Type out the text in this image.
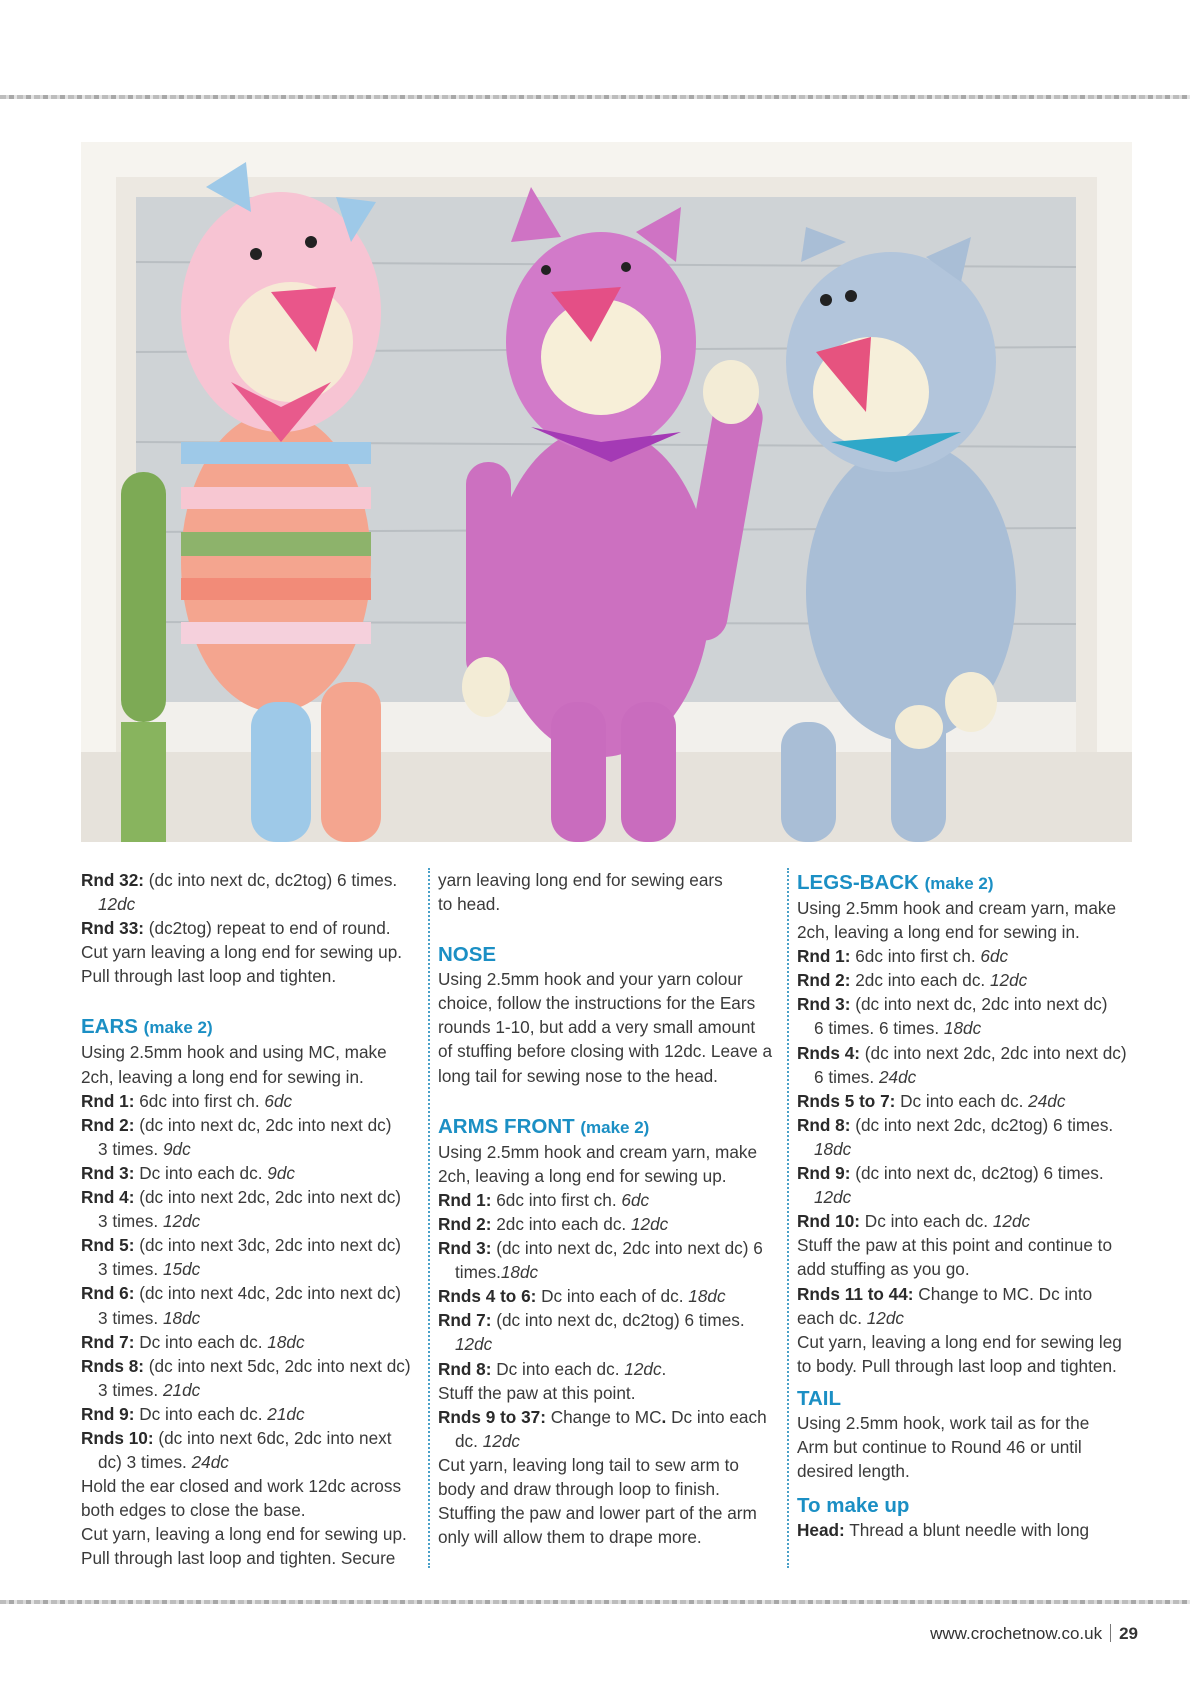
Rnd 32: (dc into next dc, dc2tog) 6 times.
12dc
Rnd 33: (dc2tog) repeat to end of round.
Cut yarn leaving a long end for sewing up.
Pull through last loop and tighten.
EARS (make 2)
Using 2.5mm hook and using MC, make
2ch, leaving a long end for sewing in.
Rnd 1: 6dc into first ch. 6dc
Rnd 2: (dc into next dc, 2dc into next dc)
3 times. 9dc
Rnd 3: Dc into each dc. 9dc
Rnd 4: (dc into next 2dc, 2dc into next dc)
3 times. 12dc
Rnd 5: (dc into next 3dc, 2dc into next dc)
3 times. 15dc
Rnd 6: (dc into next 4dc, 2dc into next dc)
3 times. 18dc
Rnd 7: Dc into each dc. 18dc
Rnds 8: (dc into next 5dc, 2dc into next dc)
3 times. 21dc
Rnd 9: Dc into each dc. 21dc
Rnds 10: (dc into next 6dc, 2dc into next
dc) 3 times. 24dc
Hold the ear closed and work 12dc across
both edges to close the base.
Cut yarn, leaving a long end for sewing up.
Pull through last loop and tighten. Secure
yarn leaving long end for sewing ears
to head.
NOSE
Using 2.5mm hook and your yarn colour
choice, follow the instructions for the Ears
rounds 1-10, but add a very small amount
of stuffing before closing with 12dc. Leave a
long tail for sewing nose to the head.
ARMS FRONT (make 2)
Using 2.5mm hook and cream yarn, make
2ch, leaving a long end for sewing up.
Rnd 1: 6dc into first ch. 6dc
Rnd 2: 2dc into each dc. 12dc
Rnd 3: (dc into next dc, 2dc into next dc) 6
times.18dc
Rnds 4 to 6: Dc into each of dc. 18dc
Rnd 7: (dc into next dc, dc2tog) 6 times.
12dc
Rnd 8: Dc into each dc. 12dc.
Stuff the paw at this point.
Rnds 9 to 37: Change to MC. Dc into each
dc. 12dc
Cut yarn, leaving long tail to sew arm to
body and draw through loop to finish.
Stuffing the paw and lower part of the arm
only will allow them to drape more.
LEGS-BACK (make 2)
Using 2.5mm hook and cream yarn, make
2ch, leaving a long end for sewing in.
Rnd 1: 6dc into first ch. 6dc
Rnd 2: 2dc into each dc. 12dc
Rnd 3: (dc into next dc, 2dc into next dc)
6 times. 6 times. 18dc
Rnds 4: (dc into next 2dc, 2dc into next dc)
6 times. 24dc
Rnds 5 to 7: Dc into each dc. 24dc
Rnd 8: (dc into next 2dc, dc2tog) 6 times.
18dc
Rnd 9: (dc into next dc, dc2tog) 6 times.
12dc
Rnd 10: Dc into each dc. 12dc
Stuff the paw at this point and continue to
add stuffing as you go.
Rnds 11 to 44: Change to MC. Dc into
each dc. 12dc
Cut yarn, leaving a long end for sewing leg
to body. Pull through last loop and tighten.
TAIL
Using 2.5mm hook, work tail as for the
Arm but continue to Round 46 or until
desired length.
To make up
Head: Thread a blunt needle with long
www.crochetnow.co.uk 29
